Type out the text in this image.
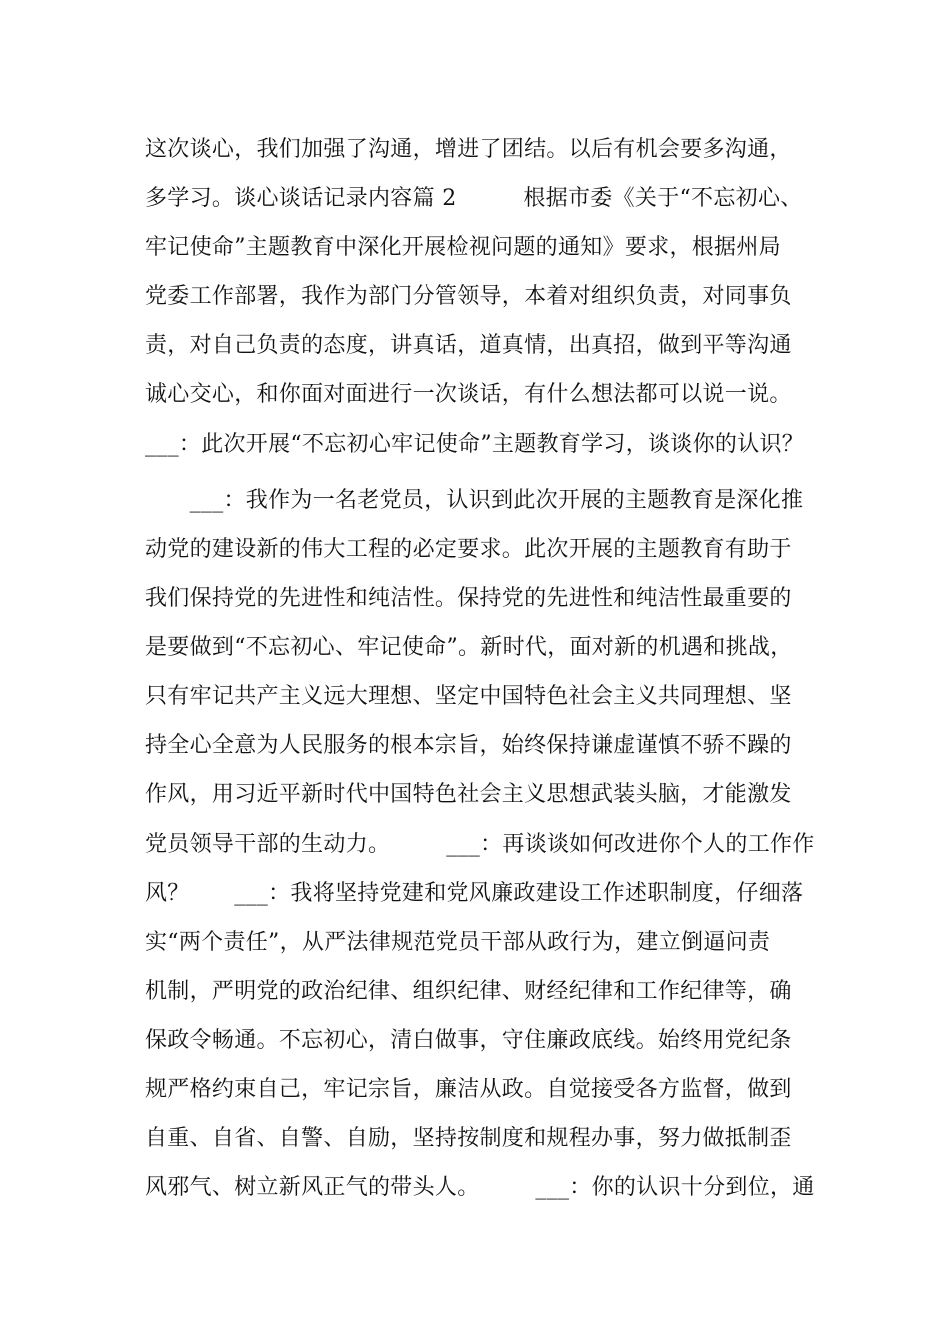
这次谈心，我们加强了沟通，增进了团结。以后有机会要多沟通，
多学习。谈心谈话记录内容篇 2　　　根据市委《关于“不忘初心、
牢记使命”主题教育中深化开展检视问题的通知》要求，根据州局
党委工作部署，我作为部门分管领导，本着对组织负责，对同事负
责，对自己负责的态度，讲真话，道真情，出真招，做到平等沟通
诚心交心，和你面对面进行一次谈话，有什么想法都可以说一说。
___：此次开展“不忘初心牢记使命”主题教育学习，谈谈你的认识？
　　___：我作为一名老党员，认识到此次开展的主题教育是深化推
动党的建设新的伟大工程的必定要求。此次开展的主题教育有助于
我们保持党的先进性和纯洁性。保持党的先进性和纯洁性最重要的
是要做到“不忘初心、牢记使命”。新时代，面对新的机遇和挑战，
只有牢记共产主义远大理想、坚定中国特色社会主义共同理想、坚
持全心全意为人民服务的根本宗旨，始终保持谦虚谨慎不骄不躁的
作风，用习近平新时代中国特色社会主义思想武装头脑，才能激发
党员领导干部的生动力。　　　___：再谈谈如何改进你个人的工作作
风？　　___：我将坚持党建和党风廉政建设工作述职制度，仔细落
实“两个责任”，从严法律规范党员干部从政行为，建立倒逼问责
机制，严明党的政治纪律、组织纪律、财经纪律和工作纪律等，确
保政令畅通。不忘初心，清白做事，守住廉政底线。始终用党纪条
规严格约束自己，牢记宗旨，廉洁从政。自觉接受各方监督，做到
自重、自省、自警、自励，坚持按制度和规程办事，努力做抵制歪
风邪气、树立新风正气的带头人。　　　___：你的认识十分到位，通
